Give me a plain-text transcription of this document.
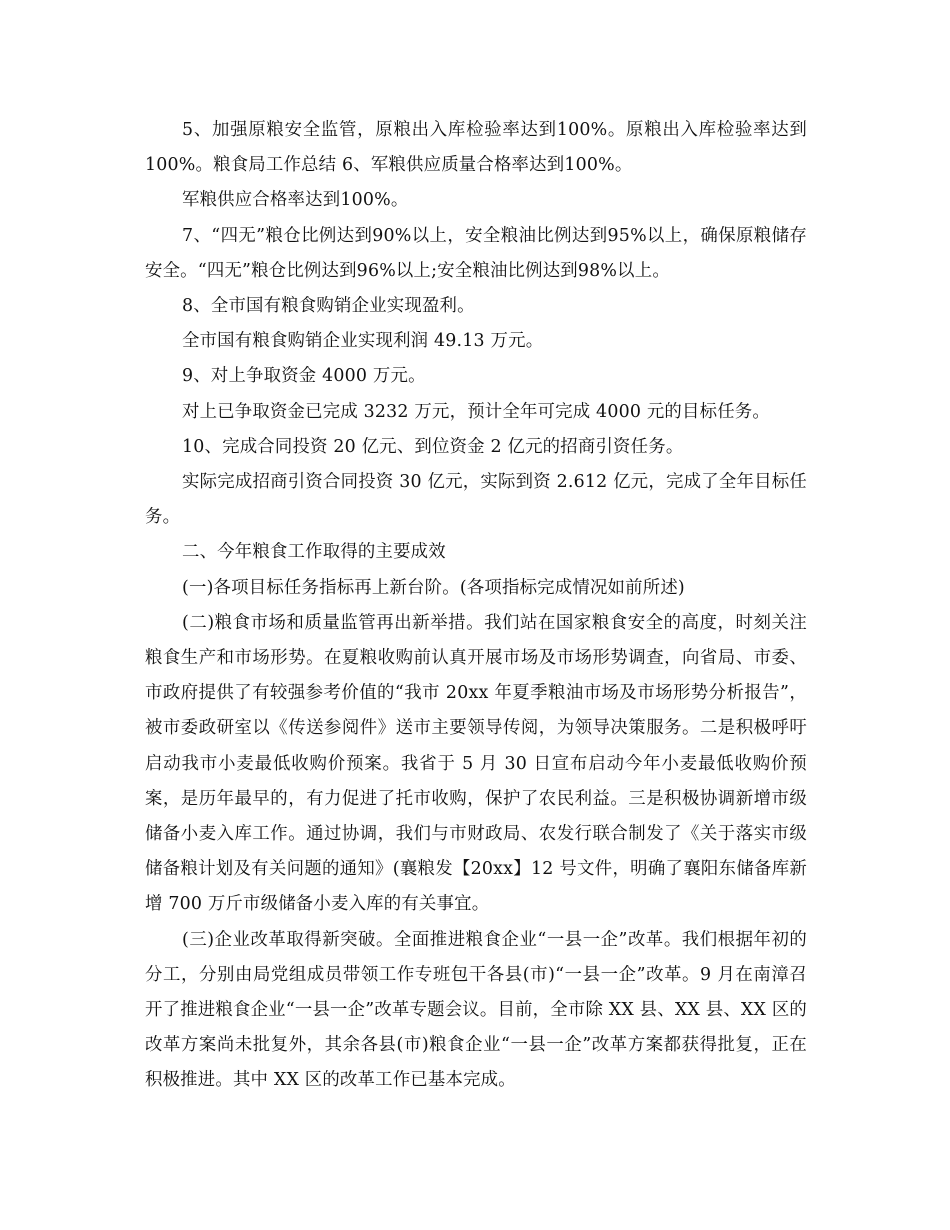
5、加强原粮安全监管，原粮出入库检验率达到100%。原粮出入库检验率达到100%。粮食局工作总结 6、军粮供应质量合格率达到100%。

军粮供应合格率达到100%。

7、“四无”粮仓比例达到90%以上，安全粮油比例达到95%以上，确保原粮储存安全。“四无”粮仓比例达到96%以上;安全粮油比例达到98%以上。

8、全市国有粮食购销企业实现盈利。

全市国有粮食购销企业实现利润 49.13 万元。

9、对上争取资金 4000 万元。

对上已争取资金已完成 3232 万元，预计全年可完成 4000 元的目标任务。

10、完成合同投资 20 亿元、到位资金 2 亿元的招商引资任务。

实际完成招商引资合同投资 30 亿元，实际到资 2.612 亿元，完成了全年目标任务。

二、今年粮食工作取得的主要成效

(一)各项目标任务指标再上新台阶。(各项指标完成情况如前所述)

(二)粮食市场和质量监管再出新举措。我们站在国家粮食安全的高度，时刻关注粮食生产和市场形势。在夏粮收购前认真开展市场及市场形势调查，向省局、市委、市政府提供了有较强参考价值的“我市 20xx 年夏季粮油市场及市场形势分析报告”，被市委政研室以《传送参阅件》送市主要领导传阅，为领导决策服务。二是积极呼吁启动我市小麦最低收购价预案。我省于 5 月 30 日宣布启动今年小麦最低收购价预案，是历年最早的，有力促进了托市收购，保护了农民利益。三是积极协调新增市级储备小麦入库工作。通过协调，我们与市财政局、农发行联合制发了《关于落实市级储备粮计划及有关问题的通知》(襄粮发【20xx】12 号文件，明确了襄阳东储备库新增 700 万斤市级储备小麦入库的有关事宜。

(三)企业改革取得新突破。全面推进粮食企业“一县一企”改革。我们根据年初的分工，分别由局党组成员带领工作专班包干各县(市)“一县一企”改革。9 月在南漳召开了推进粮食企业“一县一企”改革专题会议。目前，全市除 XX 县、XX 县、XX 区的改革方案尚未批复外，其余各县(市)粮食企业“一县一企”改革方案都获得批复，正在积极推进。其中 XX 区的改革工作已基本完成。
